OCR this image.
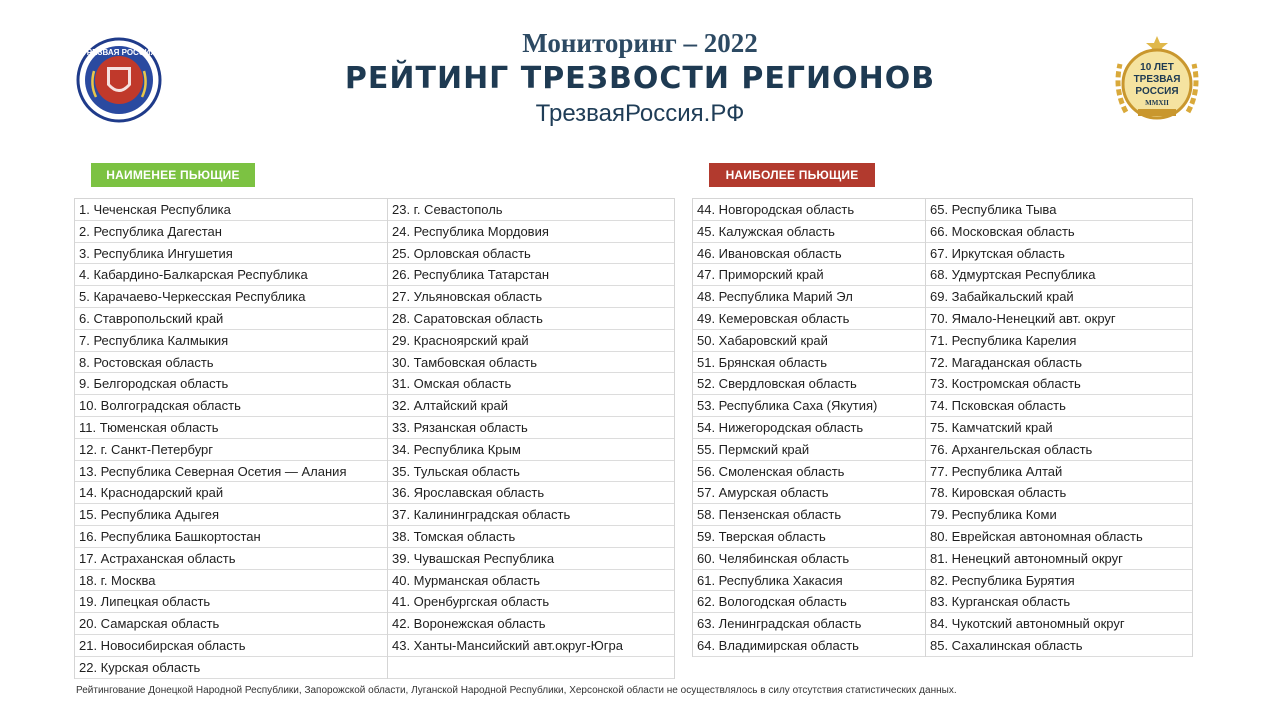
ТРЕЗВАЯ РОССИЯ
10 ЛЕТ
ТРЕЗВАЯ
РОССИЯ
MMXII
Мониторинг – 2022
РЕЙТИНГ ТРЕЗВОСТИ РЕГИОНОВ
ТрезваяРоссия.РФ
НАИМЕНЕЕ ПЬЮЩИЕ	НАИБОЛЕЕ ПЬЮЩИЕ
1. Чеченская Республика
2. Республика Дагестан
3. Республика Ингушетия
4. Кабардино-Балкарская Республика
5. Карачаево-Черкесская Республика
6. Ставропольский край
7. Республика Калмыкия
8. Ростовская область
9. Белгородская область
10. Волгоградская область
11. Тюменская область
12. г. Санкт-Петербург
13. Республика Северная Осетия — Алания
14. Краснодарский край
15. Республика Адыгея
16. Республика Башкортостан
17. Астраханская область
18. г. Москва
19. Липецкая область
20. Самарская область
21. Новосибирская область
22. Курская область
23. г. Севастополь
24. Республика Мордовия
25. Орловская область
26. Республика Татарстан
27. Ульяновская область
28. Саратовская область
29. Красноярский край
30. Тамбовская область
31. Омская область
32. Алтайский край
33. Рязанская область
34. Республика Крым
35. Тульская область
36. Ярославская область
37. Калининградская область
38. Томская область
39. Чувашская Республика
40. Мурманская область
41. Оренбургская область
42. Воронежская область
43. Ханты-Мансийский авт.округ-Югра
44. Новгородская область
45. Калужская область
46. Ивановская область
47. Приморский край
48. Республика Марий Эл
49. Кемеровская область
50. Хабаровский край
51. Брянская область
52. Свердловская область
53. Республика Саха (Якутия)
54. Нижегородская область
55. Пермский край
56. Смоленская область
57. Амурская область
58. Пензенская область
59. Тверская область
60. Челябинская область
61. Республика Хакасия
62. Вологодская область
63. Ленинградская область
64. Владимирская область
65. Республика Тыва
66. Московская область
67. Иркутская область
68. Удмуртская Республика
69. Забайкальский край
70. Ямало-Ненецкий авт. округ
71. Республика Карелия
72. Магаданская область
73. Костромская область
74. Псковская область
75. Камчатский край
76. Архангельская область
77. Республика Алтай
78. Кировская область
79. Республика Коми
80. Еврейская автономная область
81. Ненецкий автономный округ
82. Республика Бурятия
83. Курганская область
84. Чукотский автономный округ
85. Сахалинская область
Рейтингование Донецкой Народной Республики, Запорожской области, Луганской Народной Республики, Херсонской области не осуществлялось в силу отсутствия статистических данных.
